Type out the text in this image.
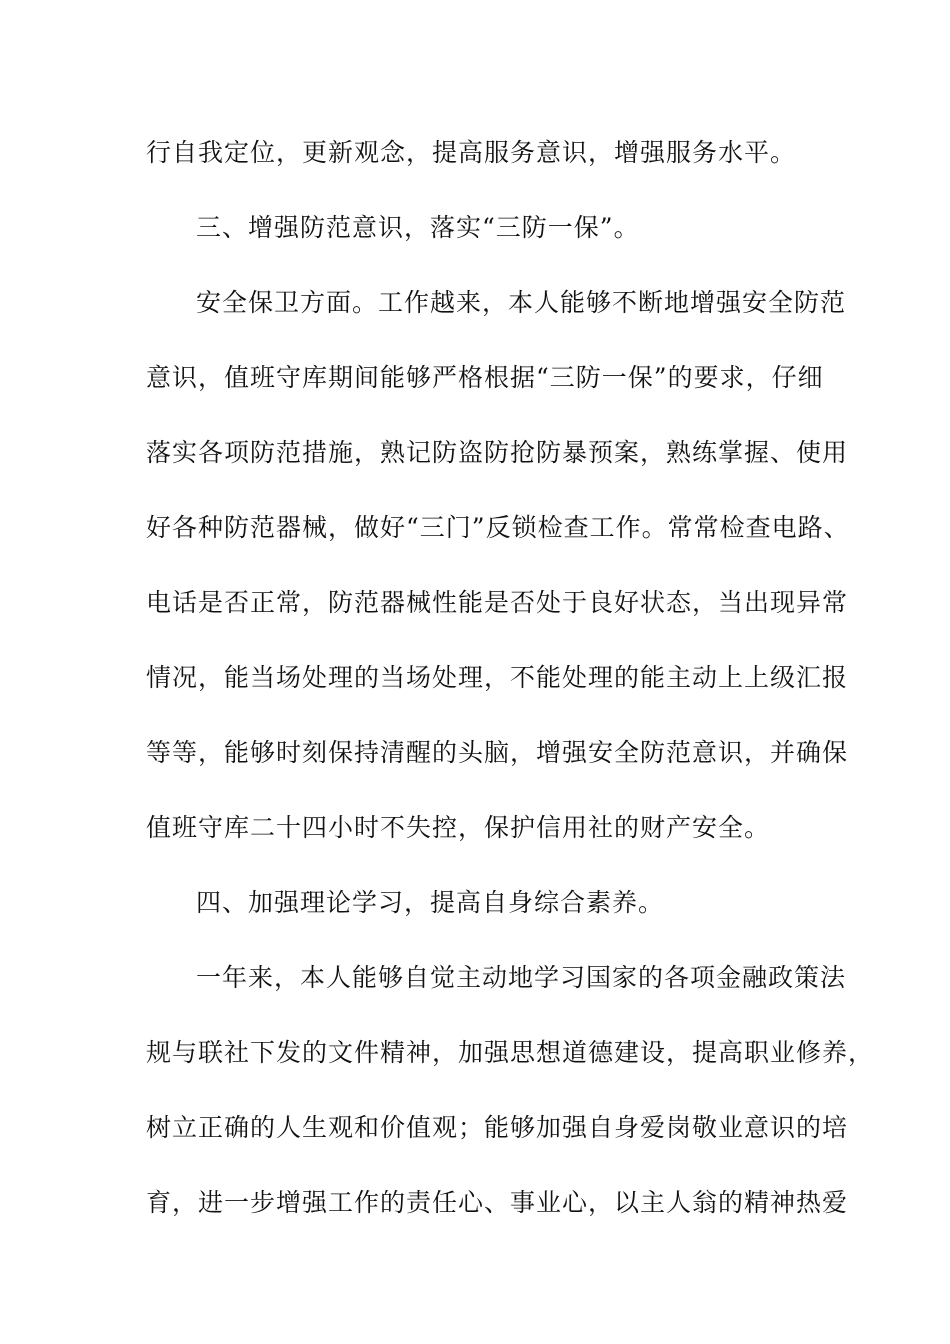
行自我定位，更新观念，提高服务意识，增强服务水平。
三、增强防范意识，落实“三防一保”。
安全保卫方面。工作越来，本人能够不断地增强安全防范
意识，值班守库期间能够严格根据“三防一保”的要求，仔细
落实各项防范措施，熟记防盗防抢防暴预案，熟练掌握、使用
好各种防范器械，做好“三门”反锁检查工作。常常检查电路、
电话是否正常，防范器械性能是否处于良好状态，当出现异常
情况，能当场处理的当场处理，不能处理的能主动上上级汇报
等等，能够时刻保持清醒的头脑，增强安全防范意识，并确保
值班守库二十四小时不失控，保护信用社的财产安全。
四、加强理论学习，提高自身综合素养。
一年来，本人能够自觉主动地学习国家的各项金融政策法
规与联社下发的文件精神，加强思想道德建设，提高职业修养，
树立正确的人生观和价值观；能够加强自身爱岗敬业意识的培
育，进一步增强工作的责任心、事业心，以主人翁的精神热爱
